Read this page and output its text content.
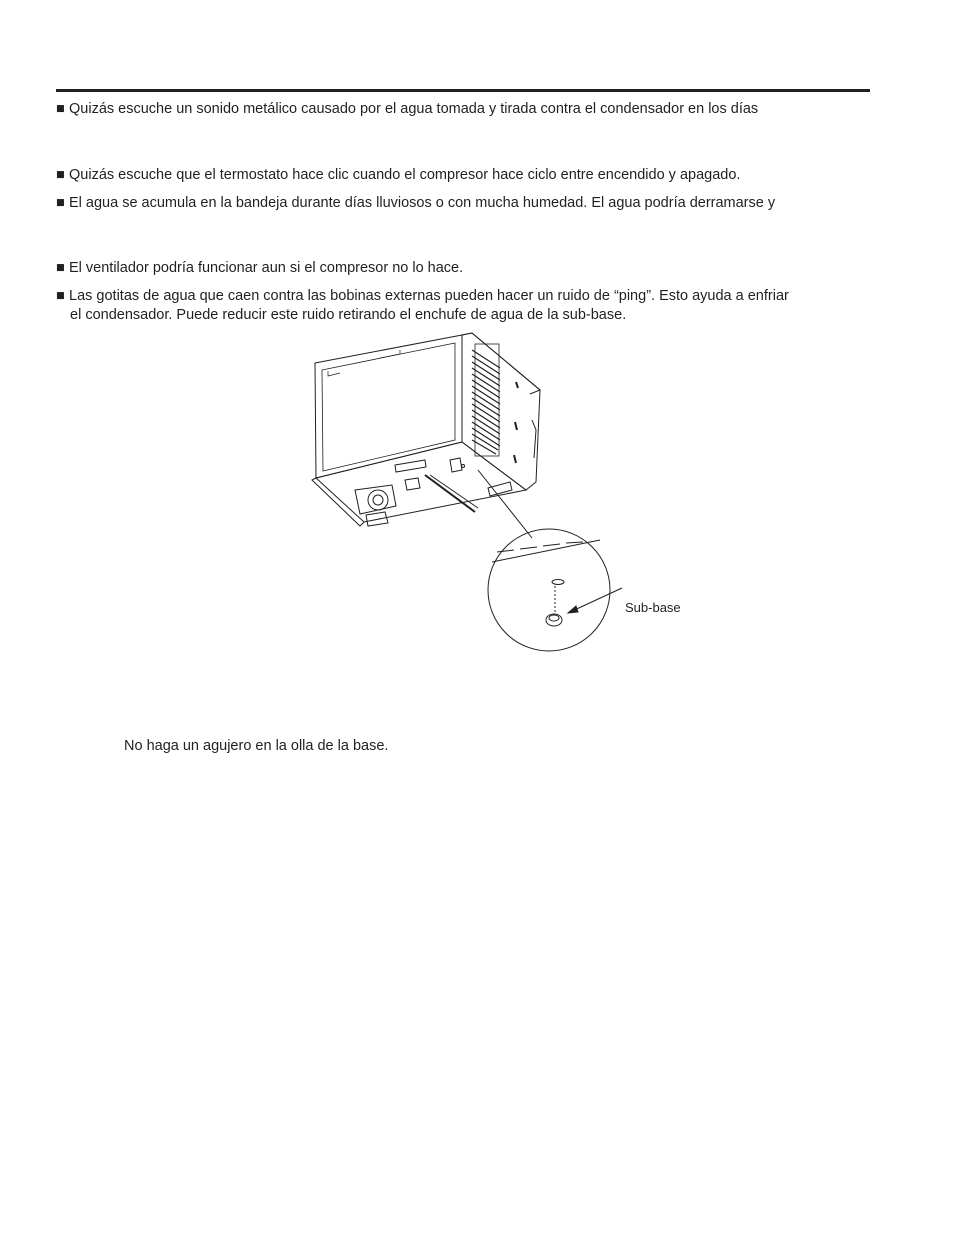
■ Quizás escuche un sonido metálico causado por el agua tomada y tirada contra el condensador en los días
■ Quizás escuche que el termostato hace clic cuando el compresor hace ciclo entre encendido y apagado.
■ El agua se acumula en la bandeja durante días lluviosos o con mucha humedad. El agua podría derramarse y
■ El ventilador podría funcionar aun si el compresor no lo hace.
■ Las gotitas de agua que caen contra las bobinas externas pueden hacer un ruido de “ping”. Esto ayuda a enfriar
el condensador. Puede reducir este ruido retirando el enchufe de agua de la sub-base.
Sub-base
No haga un agujero en la olla de la base.
